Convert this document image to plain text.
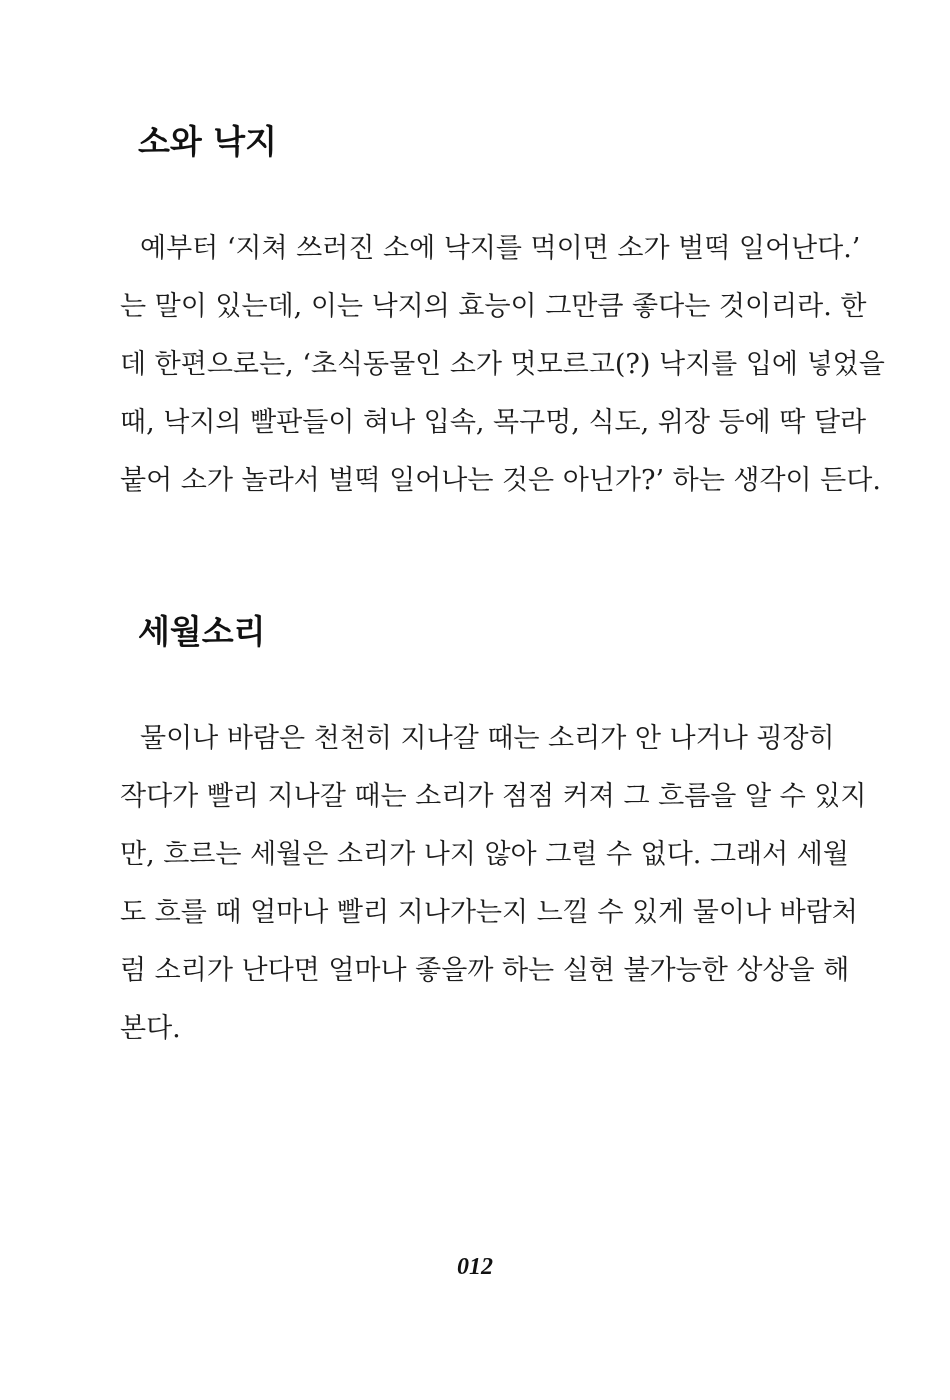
소와 낙지
예부터 ‘지쳐 쓰러진 소에 낙지를 먹이면 소가 벌떡 일어난다.’
는 말이 있는데, 이는 낙지의 효능이 그만큼 좋다는 것이리라. 한
데 한편으로는, ‘초식동물인 소가 멋모르고(?) 낙지를 입에 넣었을
때, 낙지의 빨판들이 혀나 입속, 목구멍, 식도, 위장 등에 딱 달라
붙어 소가 놀라서 벌떡 일어나는 것은 아닌가?’ 하는 생각이 든다.
세월소리
물이나 바람은 천천히 지나갈 때는 소리가 안 나거나 굉장히
작다가 빨리 지나갈 때는 소리가 점점 커져 그 흐름을 알 수 있지
만, 흐르는 세월은 소리가 나지 않아 그럴 수 없다. 그래서 세월
도 흐를 때 얼마나 빨리 지나가는지 느낄 수 있게 물이나 바람처
럼 소리가 난다면 얼마나 좋을까 하는 실현 불가능한 상상을 해
본다.
012
